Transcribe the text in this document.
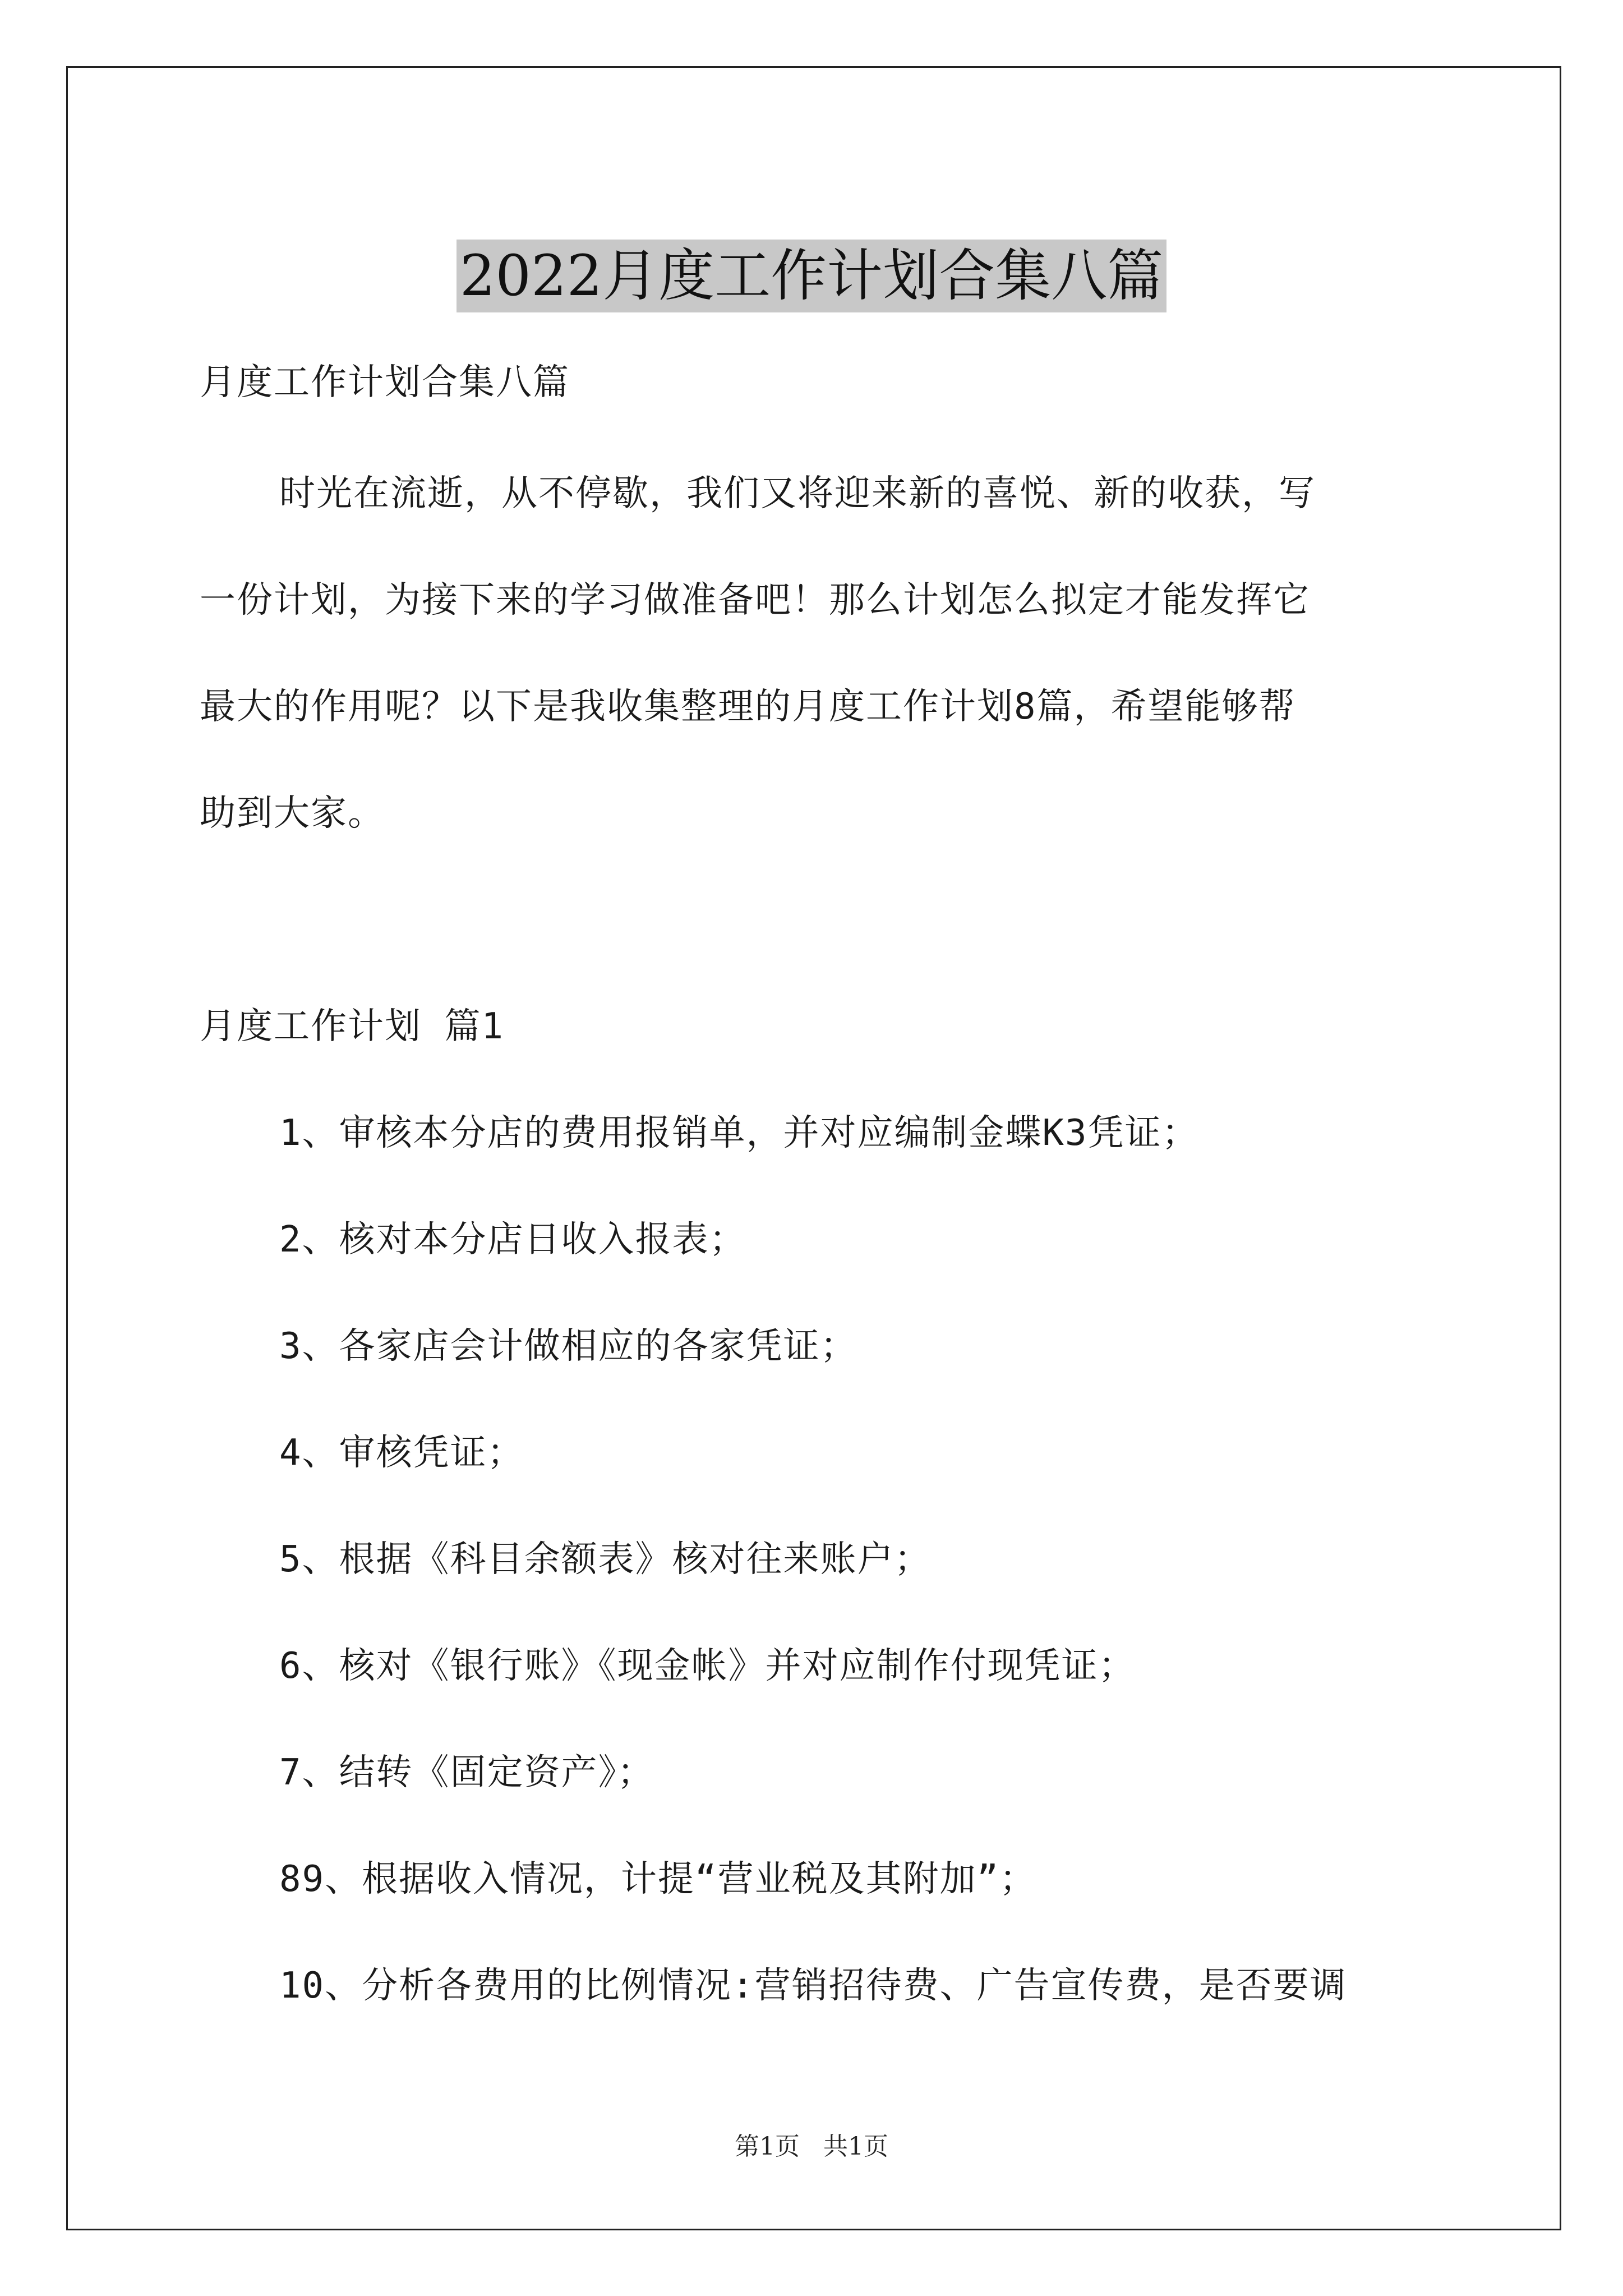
2022月度工作计划合集八篇
月度工作计划合集八篇
时光在流逝，从不停歇，我们又将迎来新的喜悦、新的收获，写
一份计划，为接下来的学习做准备吧！那么计划怎么拟定才能发挥它
最大的作用呢？以下是我收集整理的月度工作计划8篇，希望能够帮
助到大家。
月度工作计划 篇1
1、审核本分店的费用报销单，并对应编制金蝶K3凭证；
2、核对本分店日收入报表；
3、各家店会计做相应的各家凭证；
4、审核凭证；
5、根据《科目余额表》核对往来账户；
6、核对《银行账》《现金帐》并对应制作付现凭证；
7、结转《固定资产》；
89、根据收入情况，计提“营业税及其附加”；
10、分析各费用的比例情况:营销招待费、广告宣传费，是否要调
第1页   共1页
